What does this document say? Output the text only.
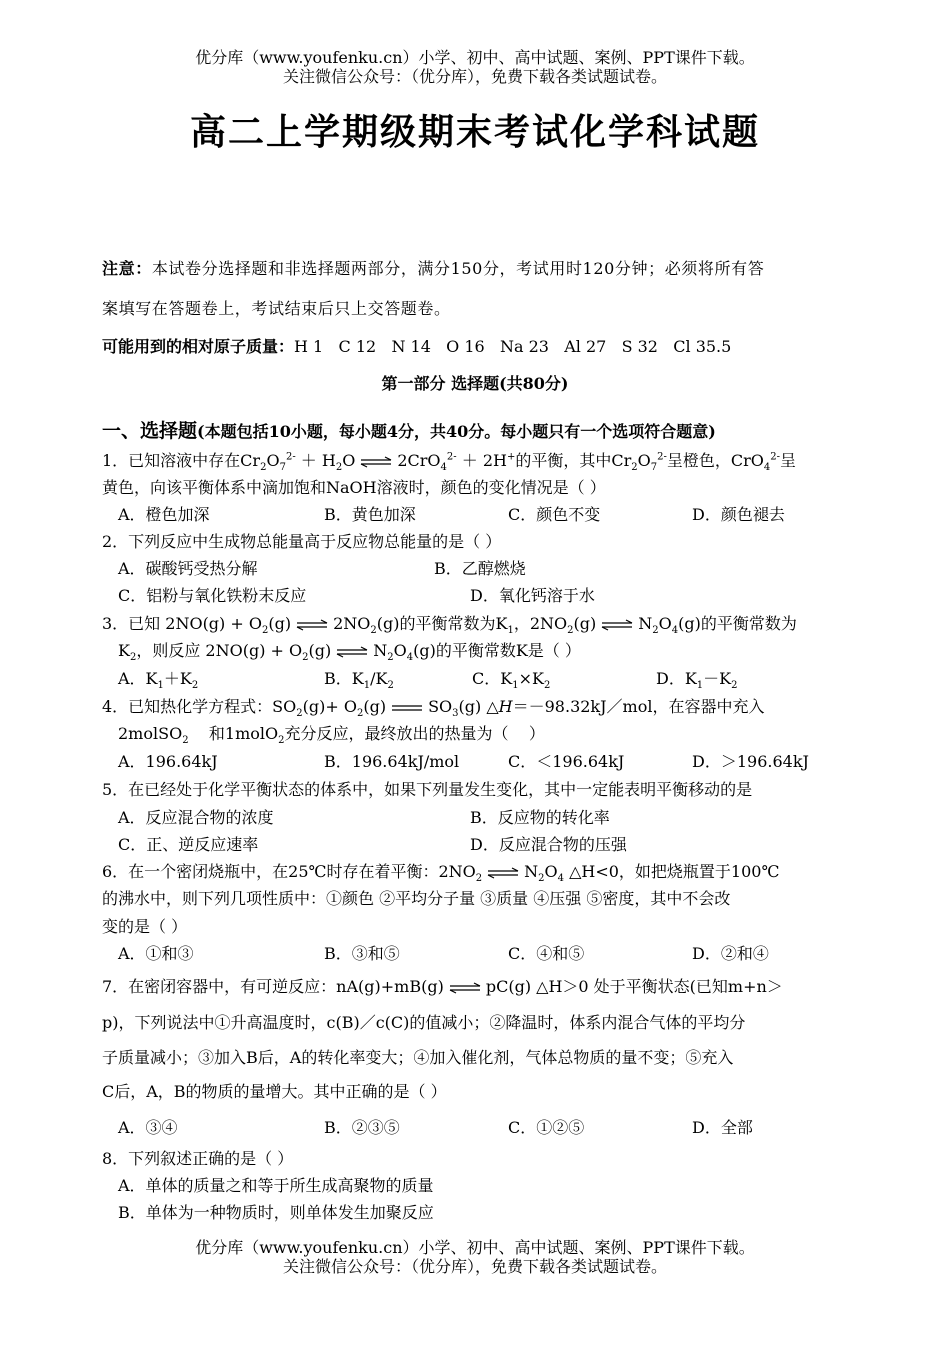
优分库（www.youfenku.cn）小学、初中、高中试题、案例、PPT课件下载。
关注微信公众号：（优分库），免费下载各类试题试卷。
高二上学期级期末考试化学科试题
注意：本试卷分选择题和非选择题两部分，满分150分，考试用时120分钟；必须将所有答
案填写在答题卷上，考试结束后只上交答题卷。
可能用到的相对原子质量：H 1   C 12   N 14   O 16   Na 23   Al 27   S 32   Cl 35.5
第一部分 选择题(共80分)
一、选择题(本题包括10小题，每小题4分，共40分。每小题只有一个选项符合题意)
1．已知溶液中存在$Cr_2O_7^{2-} + H_2O$ ⇌ 2CrO$_4^{2-}$ ＋ 2H+的平衡，其中$Cr_2O_7^{2-}$呈橙色，CrO$_4^{2-}$呈
黄色，向该平衡体系中滴加饱和NaOH溶液时，颜色的变化情况是（ ）
A．橙色加深	B．黄色加深	C．颜色不变	D．颜色褪去
2．下列反应中生成物总能量高于反应物总能量的是（ ）
A．碳酸钙受热分解	B．乙醇燃烧
C．铝粉与氧化铁粉末反应	D．氧化钙溶于水
3．已知 $2NO(g) + O_2(g)$ ⇌ $2NO_2(g)$的平衡常数为$K_1$，$2NO_2(g)$ ⇌ $N_2O_4(g)$的平衡常数为
$K_2$，则反应 $2NO(g) + O_2(g)$ ⇌ $N_2O_4(g)$的平衡常数K是（ ）
A．$K_1+K_2$	B．$K_1/K_2$	C．$K_1\times K_2$	D．$K_1-K_2$
4．已知热化学方程式：$SO_2(g)+ O_2(g)$	$SO_3(g)$ △H＝－98.32kJ／mol，在容器中充入
2molSO$_2$    和1molO$_2$充分反应，最终放出的热量为（    ）
A．196.64kJ	B．196.64kJ/mol	C．＜196.64kJ	D．＞196.64kJ
5．在已经处于化学平衡状态的体系中，如果下列量发生变化，其中一定能表明平衡移动的是
A．反应混合物的浓度	B．反应物的转化率
C．正、逆反应速率	D．反应混合物的压强
6．在一个密闭烧瓶中，在25℃时存在着平衡：$2NO_2$ ⇌ $N_2O_4$ △H<0，如把烧瓶置于100℃
的沸水中，则下列几项性质中：①颜色 ②平均分子量 ③质量 ④压强 ⑤密度，其中不会改
变的是（ ）
A．①和③	B．③和⑤	C．④和⑤	D．②和④
7．在密闭容器中，有可逆反应：nA(g)+mB(g) ⇌ pC(g) △H＞0 处于平衡状态(已知m+n＞
p)，下列说法中①升高温度时，c(B)／c(C)的值减小；②降温时，体系内混合气体的平均分
子质量减小；③加入B后，A的转化率变大；④加入催化剂，气体总物质的量不变；⑤充入
C后，A，B的物质的量增大。其中正确的是（ ）
A．③④	B．②③⑤	C．①②⑤	D．全部
8．下列叙述正确的是（ ）
A．单体的质量之和等于所生成高聚物的质量
B．单体为一种物质时，则单体发生加聚反应
优分库（www.youfenku.cn）小学、初中、高中试题、案例、PPT课件下载。
关注微信公众号：（优分库），免费下载各类试题试卷。
